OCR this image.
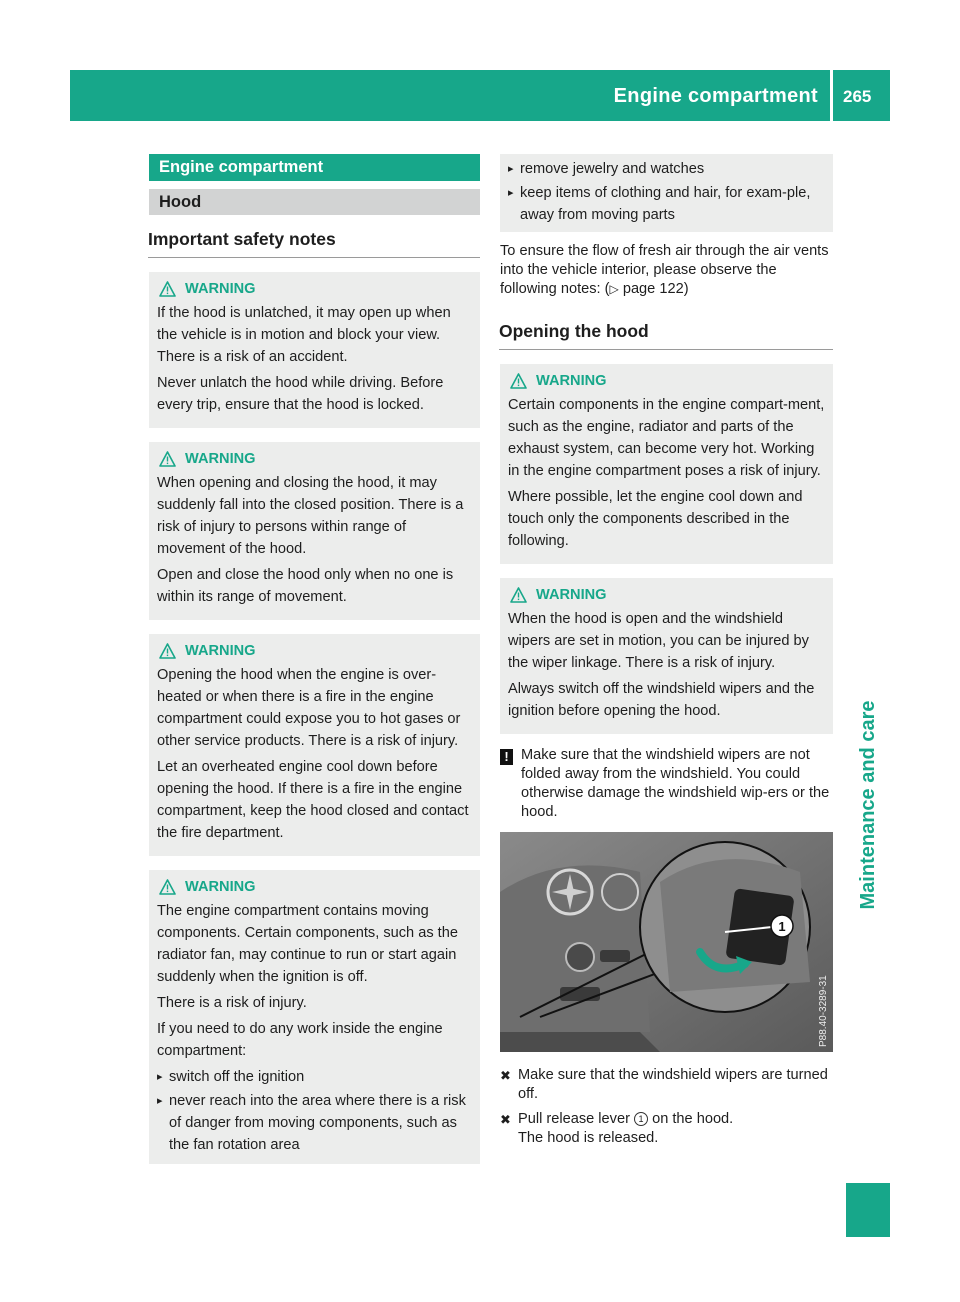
Engine compartment 265
Maintenance and care
Engine compartment
Hood
Important safety notes
WARNING

If the hood is unlatched, it may open up when the vehicle is in motion and block your view. There is a risk of an accident.

Never unlatch the hood while driving. Before every trip, ensure that the hood is locked.

WARNING

When opening and closing the hood, it may suddenly fall into the closed position. There is a risk of injury to persons within range of movement of the hood.

Open and close the hood only when no one is within its range of movement.

WARNING

Opening the hood when the engine is over-heated or when there is a fire in the engine compartment could expose you to hot gases or other service products. There is a risk of injury.

Let an overheated engine cool down before opening the hood. If there is a fire in the engine compartment, keep the hood closed and contact the fire department.

WARNING

The engine compartment contains moving components. Certain components, such as the radiator fan, may continue to run or start again suddenly when the ignition is off.

There is a risk of injury.

If you need to do any work inside the engine compartment:

▸ switch off the ignition
▸ never reach into the area where there is a risk of danger from moving components, such as the fan rotation area
▸ remove jewelry and watches
▸ keep items of clothing and hair, for exam-ple, away from moving parts

To ensure the flow of fresh air through the air vents into the vehicle interior, please observe the following notes: (▷ page 122)

Opening the hood
WARNING

Certain components in the engine compart-ment, such as the engine, radiator and parts of the exhaust system, can become very hot. Working in the engine compartment poses a risk of injury.

Where possible, let the engine cool down and touch only the components described in the following.

WARNING

When the hood is open and the windshield wipers are set in motion, you can be injured by the wiper linkage. There is a risk of injury.

Always switch off the windshield wipers and the ignition before opening the hood.

! Make sure that the windshield wipers are not folded away from the windshield. You could otherwise damage the windshield wip-ers or the hood.
1
P88.40-3289-31
✖ Make sure that the windshield wipers are turned off.
✖ Pull release lever 1 on the hood.
The hood is released.
